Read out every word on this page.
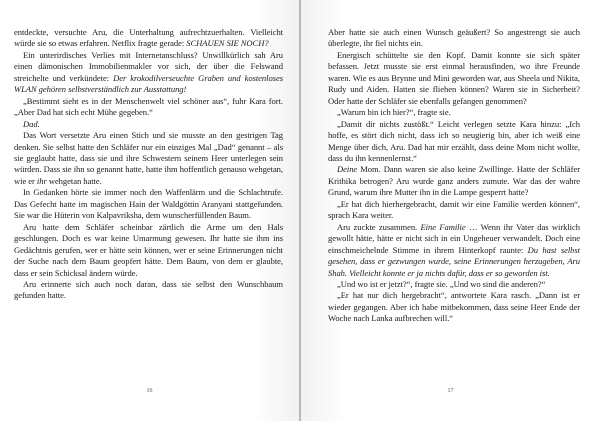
entdeckte, versuchte Aru, die Unterhaltung aufrechtzuerhalten. Vielleicht würde sie so etwas erfahren. Netflix fragte gerade: SCHAUEN SIE NOCH?

Ein unterirdisches Verlies mit Internetanschluss? Unwillkürlich sah Aru einen dämonischen Immobilienmakler vor sich, der über die Felswand streichelte und verkündete: Der krokodilverseuchte Graben und kostenloses WLAN gehören selbstverständlich zur Ausstattung!

„Bestimmt sieht es in der Menschenwelt viel schöner aus“, fuhr Kara fort. „Aber Dad hat sich echt Mühe gegeben.“

Dad.

Das Wort versetzte Aru einen Stich und sie musste an den gestrigen Tag denken. Sie selbst hatte den Schläfer nur ein einziges Mal „Dad“ genannt – als sie geglaubt hatte, dass sie und ihre Schwestern seinem Heer unterlegen sein würden. Dass sie ihn so genannt hatte, hatte ihm hoffentlich genauso wehgetan, wie er ihr wehgetan hatte.

In Gedanken hörte sie immer noch den Waffenlärm und die Schlachtrufe. Das Gefecht hatte im magischen Hain der Waldgöttin Aranyani stattgefunden. Sie war die Hüterin von Kalpavriksha, dem wunscherfüllenden Baum.

Aru hatte dem Schläfer scheinbar zärtlich die Arme um den Hals geschlungen. Doch es war keine Umarmung gewesen. Ihr hatte sie ihm ins Gedächtnis gerufen, wer er hätte sein können, wer er seine Erinnerungen nicht der Suche nach dem Baum geopfert hätte. Dem Baum, von dem er glaubte, dass er sein Schicksal ändern würde.

Aru erinnerte sich auch noch daran, dass sie selbst den Wunschbaum gefunden hatte.

16

Aber hatte sie auch einen Wunsch geäußert? So angestrengt sie auch überlegte, ihr fiel nichts ein.

Energisch schüttelte sie den Kopf. Damit konnte sie sich später befassen. Jetzt musste sie erst einmal herausfinden, wo ihre Freunde waren. Wie es aus Brynne und Mini geworden war, aus Sheela und Nikita, Rudy und Aiden. Hatten sie fliehen können? Waren sie in Sicherheit? Oder hatte der Schläfer sie ebenfalls gefangen genommen?

„Warum bin ich hier?“, fragte sie.

„Damit dir nichts zustößt.“ Leicht verlegen setzte Kara hinzu: „Ich hoffe, es stört dich nicht, dass ich so neugierig bin, aber ich weiß eine Menge über dich, Aru. Dad hat mir erzählt, dass deine Mom nicht wollte, dass du ihn kennenlernst.“

Deine Mom. Dann waren sie also keine Zwillinge. Hatte der Schläfer Krithika betrogen? Aru wurde ganz anders zumute. War das der wahre Grund, warum ihre Mutter ihn in die Lampe gesperrt hatte?

„Er hat dich hierhergebracht, damit wir eine Familie werden können“, sprach Kara weiter.

Aru zuckte zusammen. Eine Familie … Wenn ihr Vater das wirklich gewollt hätte, hätte er nicht sich in ein Ungeheuer verwandelt. Doch eine einschmeichelnde Stimme in ihrem Hinterkopf raunte: Du hast selbst gesehen, dass er gezwungen wurde, seine Erinnerungen herzugeben, Aru Shah. Vielleicht konnte er ja nichts dafür, dass er so geworden ist.

„Und wo ist er jetzt?“, fragte sie. „Und wo sind die anderen?“

„Er hat nur dich hergebracht“, antwortete Kara rasch. „Dann ist er wieder gegangen. Aber ich habe mitbekommen, dass seine Heer Ende der Woche nach Lanka aufbrechen will.“

17
